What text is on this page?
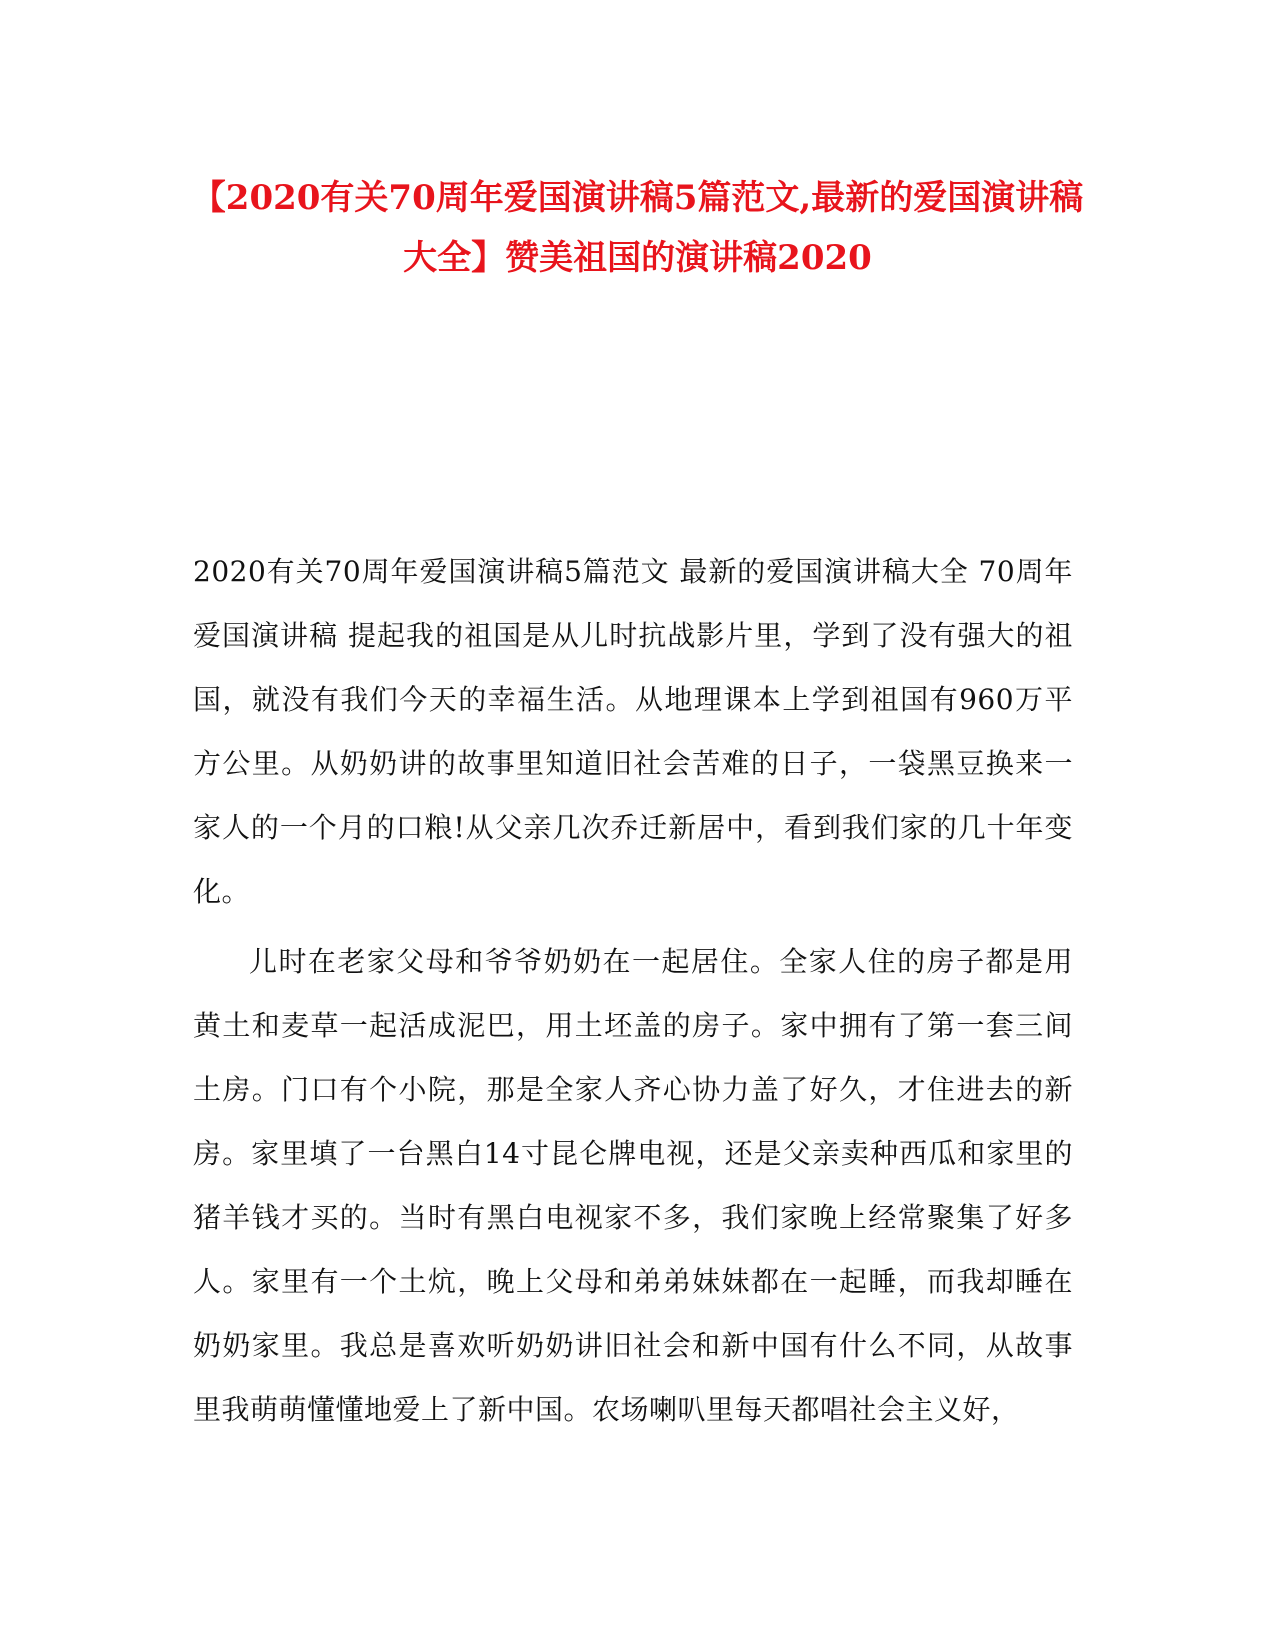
【2020有关70周年爱国演讲稿5篇范文,最新的爱国演讲稿大全】赞美祖国的演讲稿2020

2020有关70周年爱国演讲稿5篇范文 最新的爱国演讲稿大全 70周年爱国演讲稿 提起我的祖国是从儿时抗战影片里，学到了没有强大的祖国，就没有我们今天的幸福生活。从地理课本上学到祖国有960万平方公里。从奶奶讲的故事里知道旧社会苦难的日子，一袋黑豆换来一家人的一个月的口粮!从父亲几次乔迁新居中，看到我们家的几十年变化。

儿时在老家父母和爷爷奶奶在一起居住。全家人住的房子都是用黄土和麦草一起活成泥巴，用土坯盖的房子。家中拥有了第一套三间土房。门口有个小院，那是全家人齐心协力盖了好久，才住进去的新房。家里填了一台黑白14寸昆仑牌电视，还是父亲卖种西瓜和家里的猪羊钱才买的。当时有黑白电视家不多，我们家晚上经常聚集了好多人。家里有一个土炕，晚上父母和弟弟妹妹都在一起睡，而我却睡在奶奶家里。我总是喜欢听奶奶讲旧社会和新中国有什么不同，从故事里我萌萌懂懂地爱上了新中国。农场喇叭里每天都唱社会主义好，
